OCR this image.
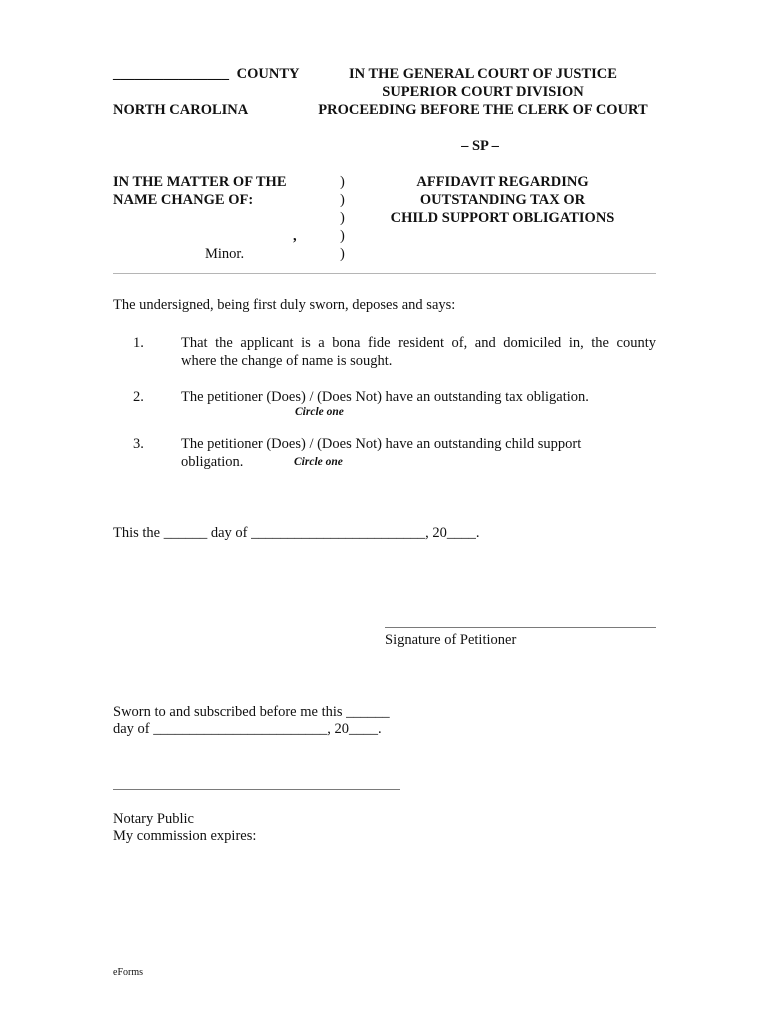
________________ COUNTY
NORTH CAROLINA
IN THE GENERAL COURT OF JUSTICE
SUPERIOR COURT DIVISION
PROCEEDING BEFORE THE CLERK OF COURT
– SP –
IN THE MATTER OF THE
NAME CHANGE OF:
,
Minor.
)
)
)
)
)
AFFIDAVIT REGARDING
OUTSTANDING TAX OR
CHILD SUPPORT OBLIGATIONS
The undersigned, being first duly sworn, deposes and says:
1.	That the applicant is a bona fide resident of, and domiciled in, the county
where the change of name is sought.
2.	The petitioner (Does) / (Does Not) have an outstanding tax obligation.
Circle one
3.	The petitioner (Does) / (Does Not) have an outstanding child support
obligation.	Circle one
This the ______ day of ________________________, 20____.
Signature of Petitioner
Sworn to and subscribed before me this ______
day of ________________________, 20____.
Notary Public
My commission expires:
eForms
